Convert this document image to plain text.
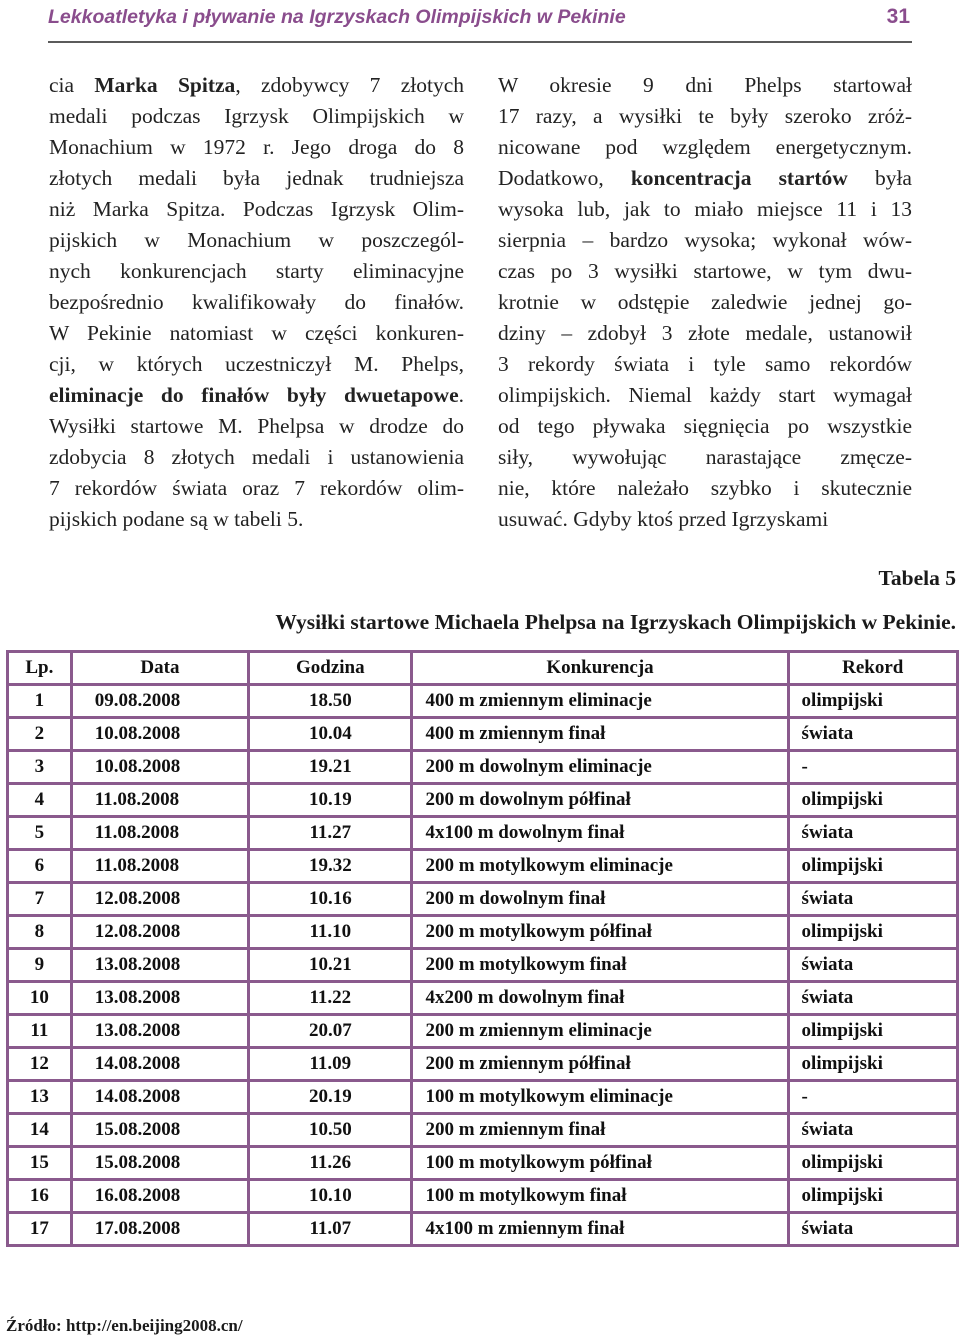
Lekkoatletyka i pływanie na Igrzyskach Olimpijskich w Pekinie	31
cia Marka Spitza, zdobywcy 7 złotych
medali podczas Igrzysk Olimpijskich w
Monachium w 1972 r. Jego droga do 8
złotych medali była jednak trudniejsza
niż Marka Spitza. Podczas Igrzysk Olim-
pijskich w Monachium w poszczegól-
nych konkurencjach starty eliminacyjne
bezpośrednio kwalifikowały do finałów.
W Pekinie natomiast w części konkuren-
cji, w których uczestniczył M. Phelps,
eliminacje do finałów były dwuetapowe.
Wysiłki startowe M. Phelpsa w drodze do
zdobycia 8 złotych medali i ustanowienia
7 rekordów świata oraz 7 rekordów olim-
pijskich podane są w tabeli 5.
W okresie 9 dni Phelps startował
17 razy, a wysiłki te były szeroko zróż-
nicowane pod względem energetycznym.
Dodatkowo, koncentracja startów była
wysoka lub, jak to miało miejsce 11 i 13
sierpnia – bardzo wysoka; wykonał wów-
czas po 3 wysiłki startowe, w tym dwu-
krotnie w odstępie zaledwie jednej go-
dziny – zdobył 3 złote medale, ustanowił
3 rekordy świata i tyle samo rekordów
olimpijskich. Niemal każdy start wymagał
od tego pływaka sięgnięcia po wszystkie
siły, wywołując narastające zmęcze-
nie, które należało szybko i skutecznie
usuwać. Gdyby ktoś przed Igrzyskami
Tabela 5
Wysiłki startowe Michaela Phelpsa na Igrzyskach Olimpijskich w Pekinie.
Lp.	Data	Godzina	Konkurencja	Rekord
1	09.08.2008	18.50	400 m zmiennym eliminacje	olimpijski
2	10.08.2008	10.04	400 m zmiennym finał	świata
3	10.08.2008	19.21	200 m dowolnym eliminacje	-
4	11.08.2008	10.19	200 m dowolnym półfinał	olimpijski
5	11.08.2008	11.27	4x100 m dowolnym finał	świata
6	11.08.2008	19.32	200 m motylkowym eliminacje	olimpijski
7	12.08.2008	10.16	200 m dowolnym finał	świata
8	12.08.2008	11.10	200 m motylkowym półfinał	olimpijski
9	13.08.2008	10.21	200 m motylkowym finał	świata
10	13.08.2008	11.22	4x200 m dowolnym finał	świata
11	13.08.2008	20.07	200 m zmiennym eliminacje	olimpijski
12	14.08.2008	11.09	200 m zmiennym półfinał	olimpijski
13	14.08.2008	20.19	100 m motylkowym eliminacje	-
14	15.08.2008	10.50	200 m zmiennym finał	świata
15	15.08.2008	11.26	100 m motylkowym półfinał	olimpijski
16	16.08.2008	10.10	100 m motylkowym finał	olimpijski
17	17.08.2008	11.07	4x100 m zmiennym finał	świata
Źródło: http://en.beijing2008.cn/
